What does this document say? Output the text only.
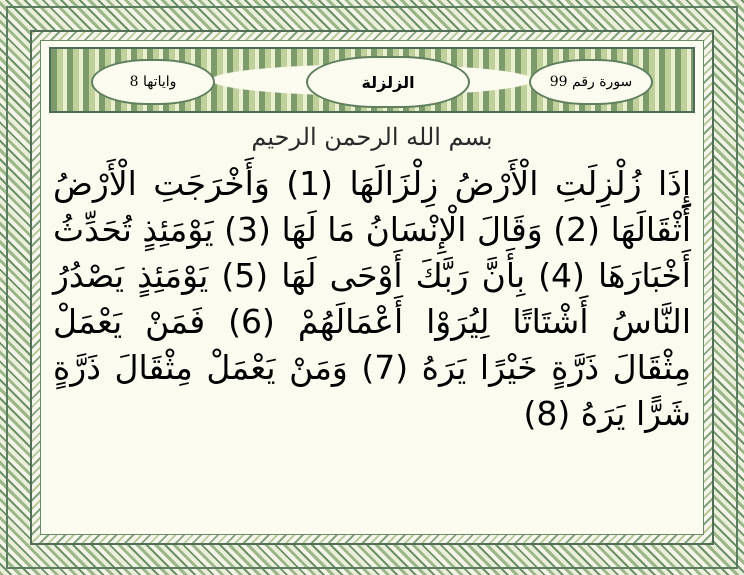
واياتها 8	الزلزلة	سورة رقم 99
بسم الله الرحمن الرحيم
إِذَا زُلْزِلَتِ الْأَرْضُ زِلْزَالَهَا (1) وَأَخْرَجَتِ الْأَرْضُ أَثْقَالَهَا (2) وَقَالَ الْإِنْسَانُ مَا لَهَا (3) يَوْمَئِذٍ تُحَدِّثُ أَخْبَارَهَا (4) بِأَنَّ رَبَّكَ أَوْحَى لَهَا (5) يَوْمَئِذٍ يَصْدُرُ النَّاسُ أَشْتَاتًا لِيُرَوْا أَعْمَالَهُمْ (6) فَمَنْ يَعْمَلْ مِثْقَالَ ذَرَّةٍ خَيْرًا يَرَهُ (7) وَمَنْ يَعْمَلْ مِثْقَالَ ذَرَّةٍ شَرًّا يَرَهُ (8)
